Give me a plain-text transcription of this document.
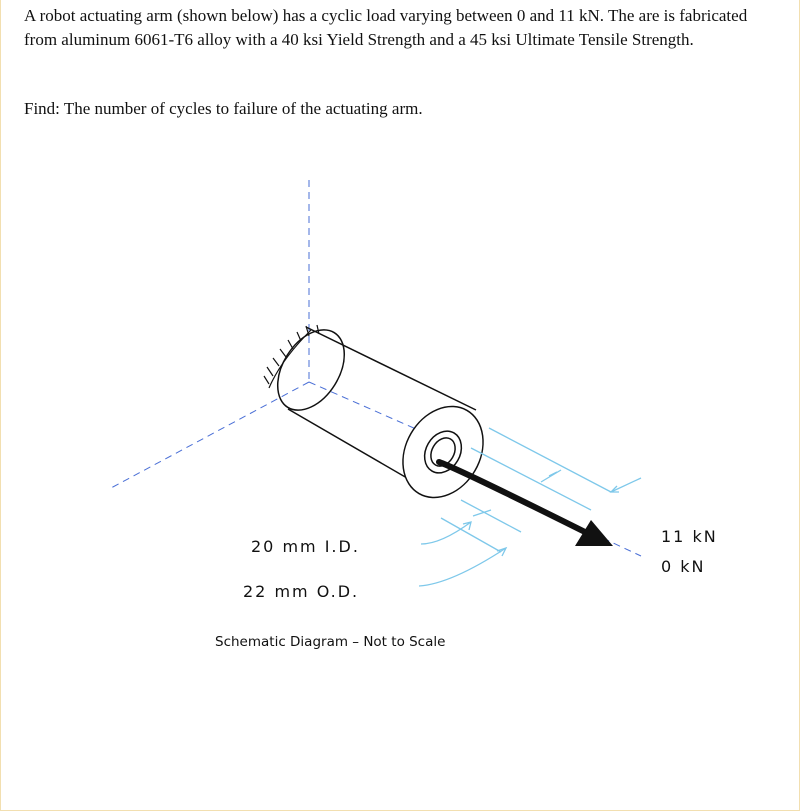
A robot actuating arm (shown below) has a cyclic load varying between 0 and 11 kN. The are is fabricated from aluminum 6061-T6 alloy with a 40 ksi Yield Strength and a 45 ksi Ultimate Tensile Strength.

Find: The number of cycles to failure of the actuating arm.

20 mm I.D.
22 mm O.D.
11 kN
0 kN
Schematic Diagram – Not to Scale
